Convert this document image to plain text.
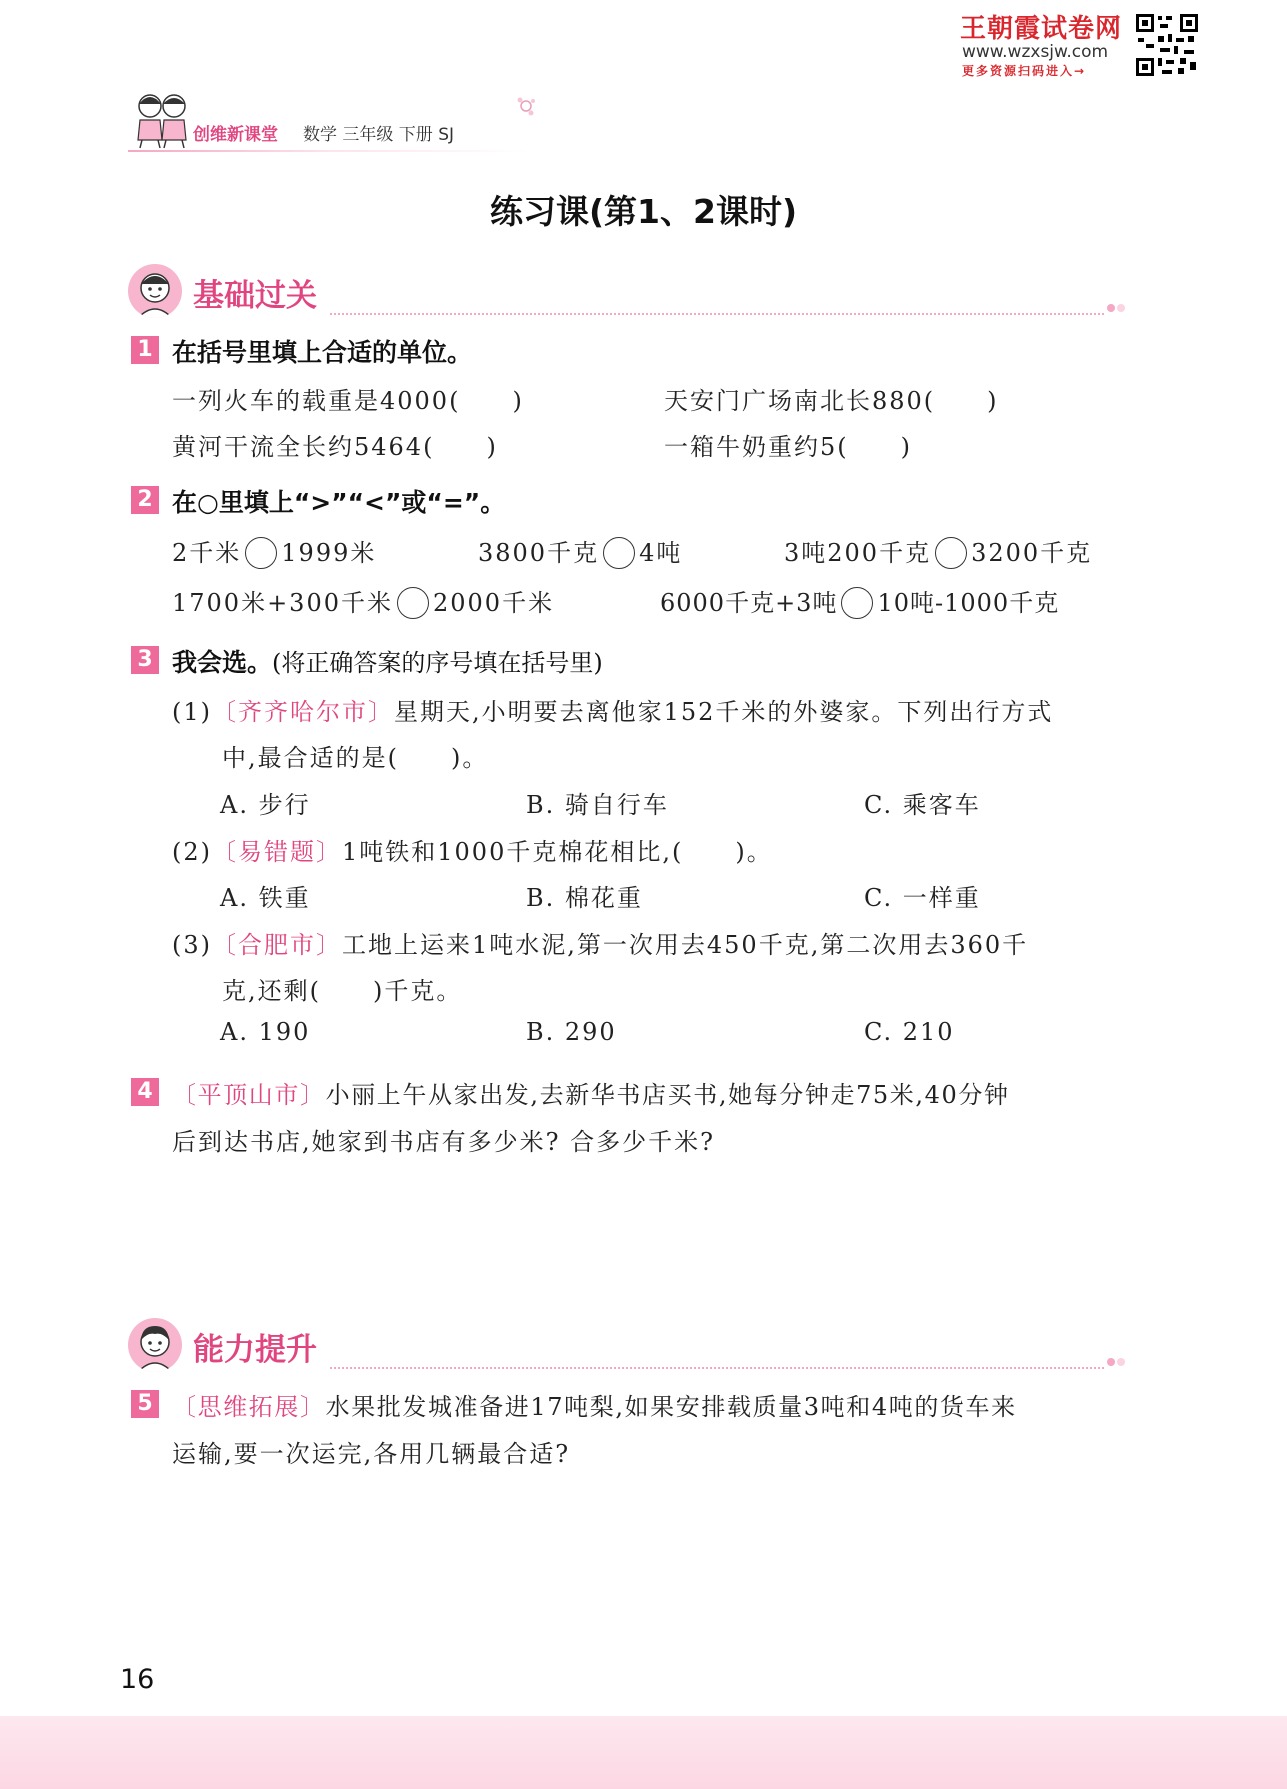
王朝霞试卷网
www.wzxsjw.com
更多资源扫码进入→
创维新课堂 数学 三年级 下册 SJ
练习课(第1、2课时)
基础过关
1 在括号里填上合适的单位。
一列火车的载重是4000(　　)	天安门广场南北长880(　　)
黄河干流全长约5464(　　)	一箱牛奶重约5(　　)
2 在○里填上“>”“<”或“=”。
2千米 1999米	3800千克 4吨	3吨200千克 3200千克
1700米+300千米 2000千米	6000千克+3吨 10吨-1000千克
3 我会选。(将正确答案的序号填在括号里)
(1)〔齐齐哈尔市〕星期天,小明要去离他家152千米的外婆家。下列出行方式
中,最合适的是(　　)。
A. 步行	B. 骑自行车	C. 乘客车
(2)〔易错题〕1吨铁和1000千克棉花相比,(　　)。
A. 铁重	B. 棉花重	C. 一样重
(3)〔合肥市〕工地上运来1吨水泥,第一次用去450千克,第二次用去360千
克,还剩(　　)千克。
A. 190	B. 290	C. 210
4 〔平顶山市〕小丽上午从家出发,去新华书店买书,她每分钟走75米,40分钟
后到达书店,她家到书店有多少米? 合多少千米?
能力提升
5 〔思维拓展〕水果批发城准备进17吨梨,如果安排载质量3吨和4吨的货车来
运输,要一次运完,各用几辆最合适?
16
